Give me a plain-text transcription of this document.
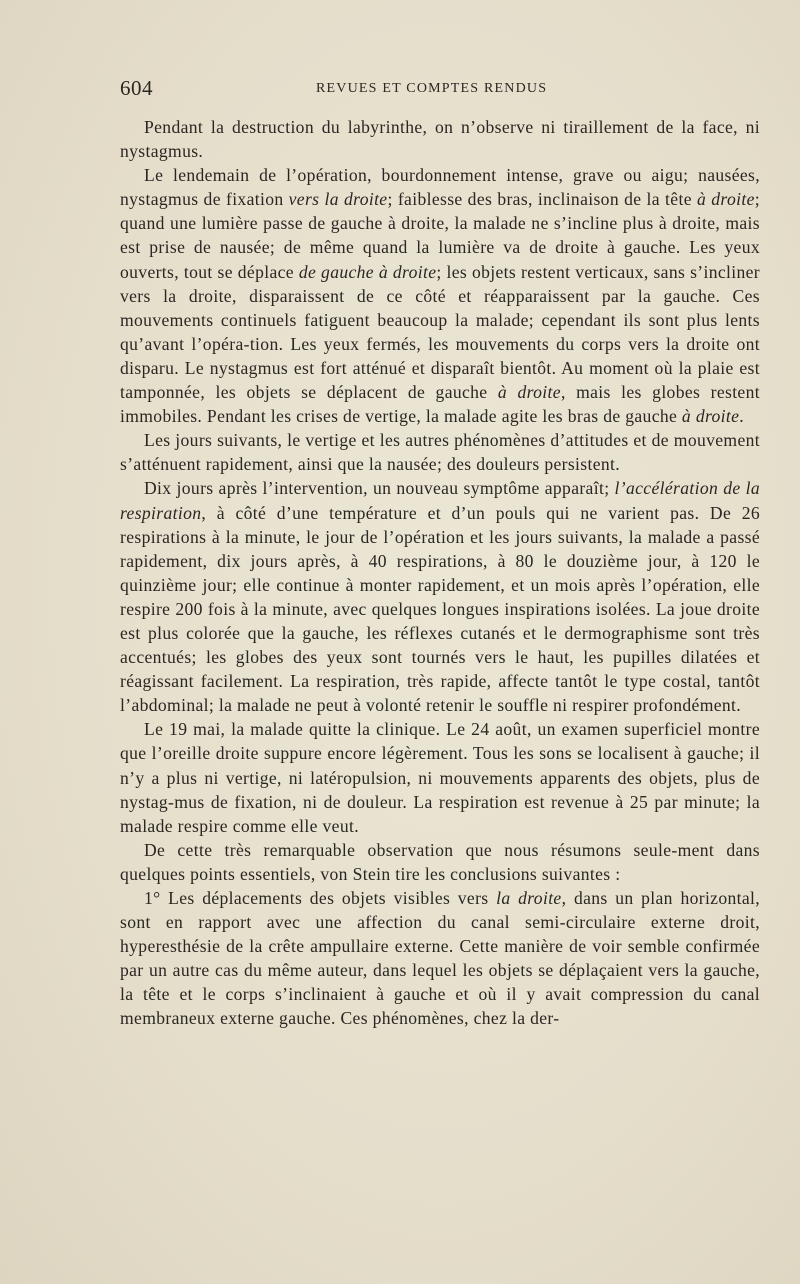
604	REVUES ET COMPTES RENDUS

Pendant la destruction du labyrinthe, on n’observe ni tiraillement de la face, ni nystagmus.

Le lendemain de l’opération, bourdonnement intense, grave ou aigu; nausées, nystagmus de fixation vers la droite; faiblesse des bras, inclinaison de la tête à droite; quand une lumière passe de gauche à droite, la malade ne s’incline plus à droite, mais est prise de nausée; de même quand la lumière va de droite à gauche. Les yeux ouverts, tout se déplace de gauche à droite; les objets restent verticaux, sans s’incliner vers la droite, disparaissent de ce côté et réapparaissent par la gauche. Ces mouvements continuels fatiguent beaucoup la malade; cependant ils sont plus lents qu’avant l’opéra-tion. Les yeux fermés, les mouvements du corps vers la droite ont disparu. Le nystagmus est fort atténué et disparaît bientôt. Au moment où la plaie est tamponnée, les objets se déplacent de gauche à droite, mais les globes restent immobiles. Pendant les crises de vertige, la malade agite les bras de gauche à droite.

Les jours suivants, le vertige et les autres phénomènes d’attitudes et de mouvement s’atténuent rapidement, ainsi que la nausée; des douleurs persistent.

Dix jours après l’intervention, un nouveau symptôme apparaît; l’accélération de la respiration, à côté d’une température et d’un pouls qui ne varient pas. De 26 respirations à la minute, le jour de l’opération et les jours suivants, la malade a passé rapidement, dix jours après, à 40 respirations, à 80 le douzième jour, à 120 le quinzième jour; elle continue à monter rapidement, et un mois après l’opération, elle respire 200 fois à la minute, avec quelques longues inspirations isolées. La joue droite est plus colorée que la gauche, les réflexes cutanés et le dermographisme sont très accentués; les globes des yeux sont tournés vers le haut, les pupilles dilatées et réagissant facilement. La respiration, très rapide, affecte tantôt le type costal, tantôt l’abdominal; la malade ne peut à volonté retenir le souffle ni respirer profondément.

Le 19 mai, la malade quitte la clinique. Le 24 août, un examen superficiel montre que l’oreille droite suppure encore légèrement. Tous les sons se localisent à gauche; il n’y a plus ni vertige, ni latéropulsion, ni mouvements apparents des objets, plus de nystag-mus de fixation, ni de douleur. La respiration est revenue à 25 par minute; la malade respire comme elle veut.

De cette très remarquable observation que nous résumons seule-ment dans quelques points essentiels, von Stein tire les conclusions suivantes :

1° Les déplacements des objets visibles vers la droite, dans un plan horizontal, sont en rapport avec une affection du canal semi-circulaire externe droit, hyperesthésie de la crête ampullaire externe. Cette manière de voir semble confirmée par un autre cas du même auteur, dans lequel les objets se déplaçaient vers la gauche, la tête et le corps s’inclinaient à gauche et où il y avait compression du canal membraneux externe gauche. Ces phénomènes, chez la der-
